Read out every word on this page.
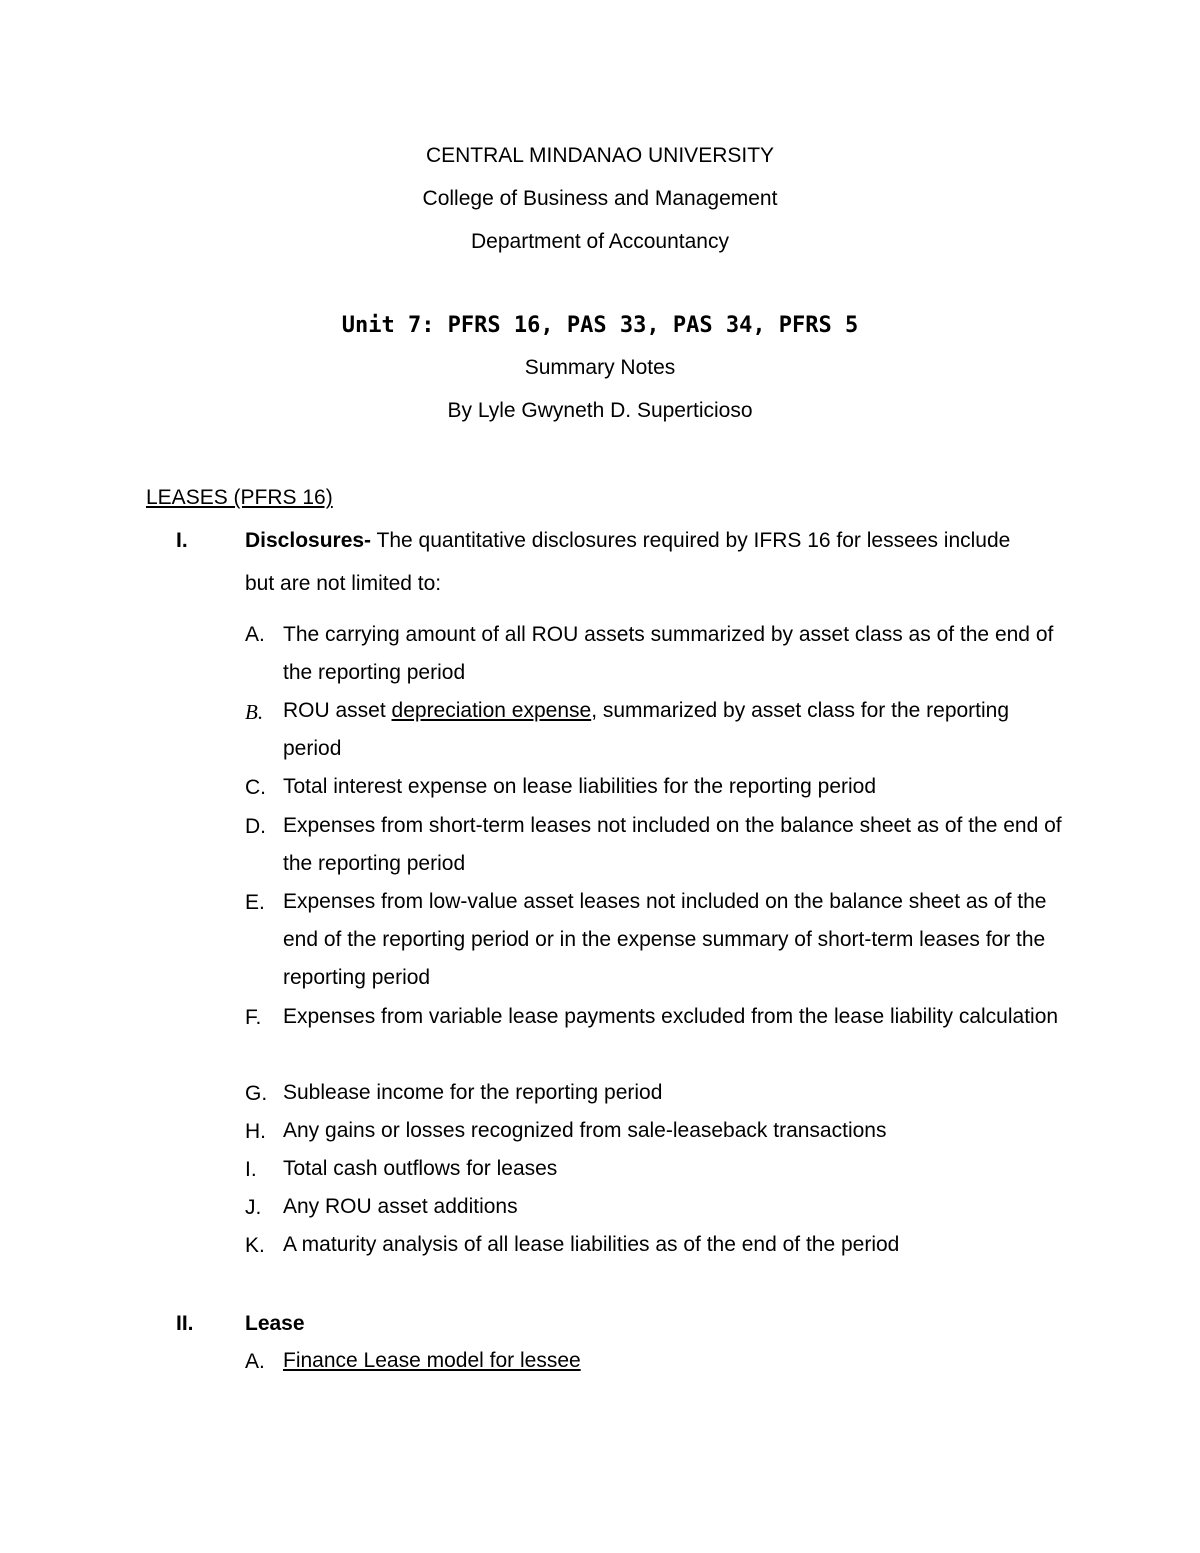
CENTRAL MINDANAO UNIVERSITY
College of Business and Management
Department of Accountancy
Unit 7: PFRS 16, PAS 33, PAS 34, PFRS 5
Summary Notes
By Lyle Gwyneth D. Superticioso
LEASES (PFRS 16)
I.	Disclosures- The quantitative disclosures required by IFRS 16 for lessees include
but are not limited to:
A. The carrying amount of all ROU assets summarized by asset class as of the end of the reporting period
B. ROU asset depreciation expense, summarized by asset class for the reporting period
C. Total interest expense on lease liabilities for the reporting period
D. Expenses from short-term leases not included on the balance sheet as of the end of the reporting period
E. Expenses from low-value asset leases not included on the balance sheet as of the end of the reporting period or in the expense summary of short-term leases for the reporting period
F. Expenses from variable lease payments excluded from the lease liability calculation
G. Sublease income for the reporting period
H. Any gains or losses recognized from sale-leaseback transactions
I. Total cash outflows for leases
J. Any ROU asset additions
K. A maturity analysis of all lease liabilities as of the end of the period
II. Lease
A. Finance Lease model for lessee
